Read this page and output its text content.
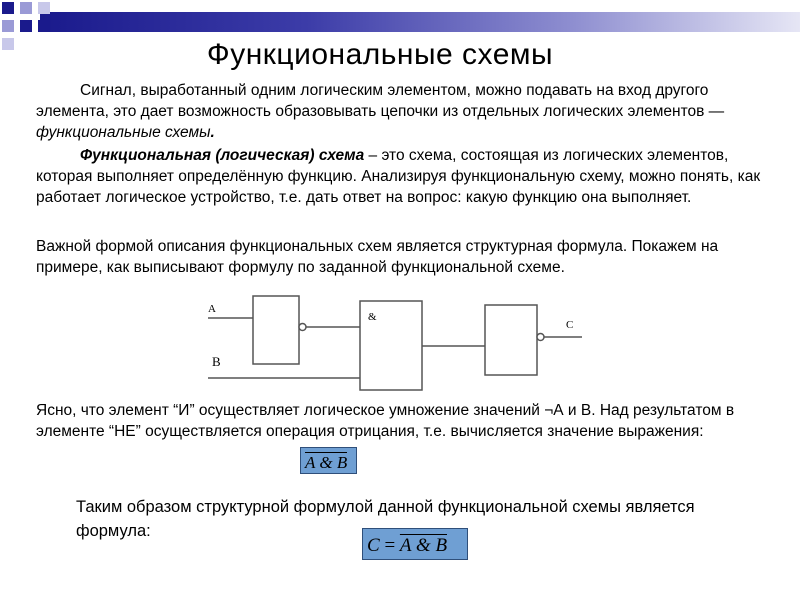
Функциональные схемы

Сигнал, выработанный одним логическим элементом, можно подавать на вход другого элемента, это дает возможность образовывать цепочки из отдельных логических элементов — функциональные схемы.

Функциональная (логическая) схема – это схема, состоящая из логических элементов, которая выполняет определённую функцию. Анализируя функциональную схему, можно понять, как работает логическое устройство, т.е. дать ответ на вопрос: какую функцию она выполняет.

Важной формой описания функциональных схем является структурная формула. Покажем на примере, как выписывают формулу по заданной функциональной схеме.

A
B
&
C

Ясно, что элемент “И” осуществляет логическое умножение значений ¬А и В. Над результатом в элементе “НЕ” осуществляется операция отрицания, т.е. вычисляется значение выражения:

$\overline{A}$ & B

Таким образом структурной формулой данной функциональной схемы является формула:

$C = \overline{A}$ & B
